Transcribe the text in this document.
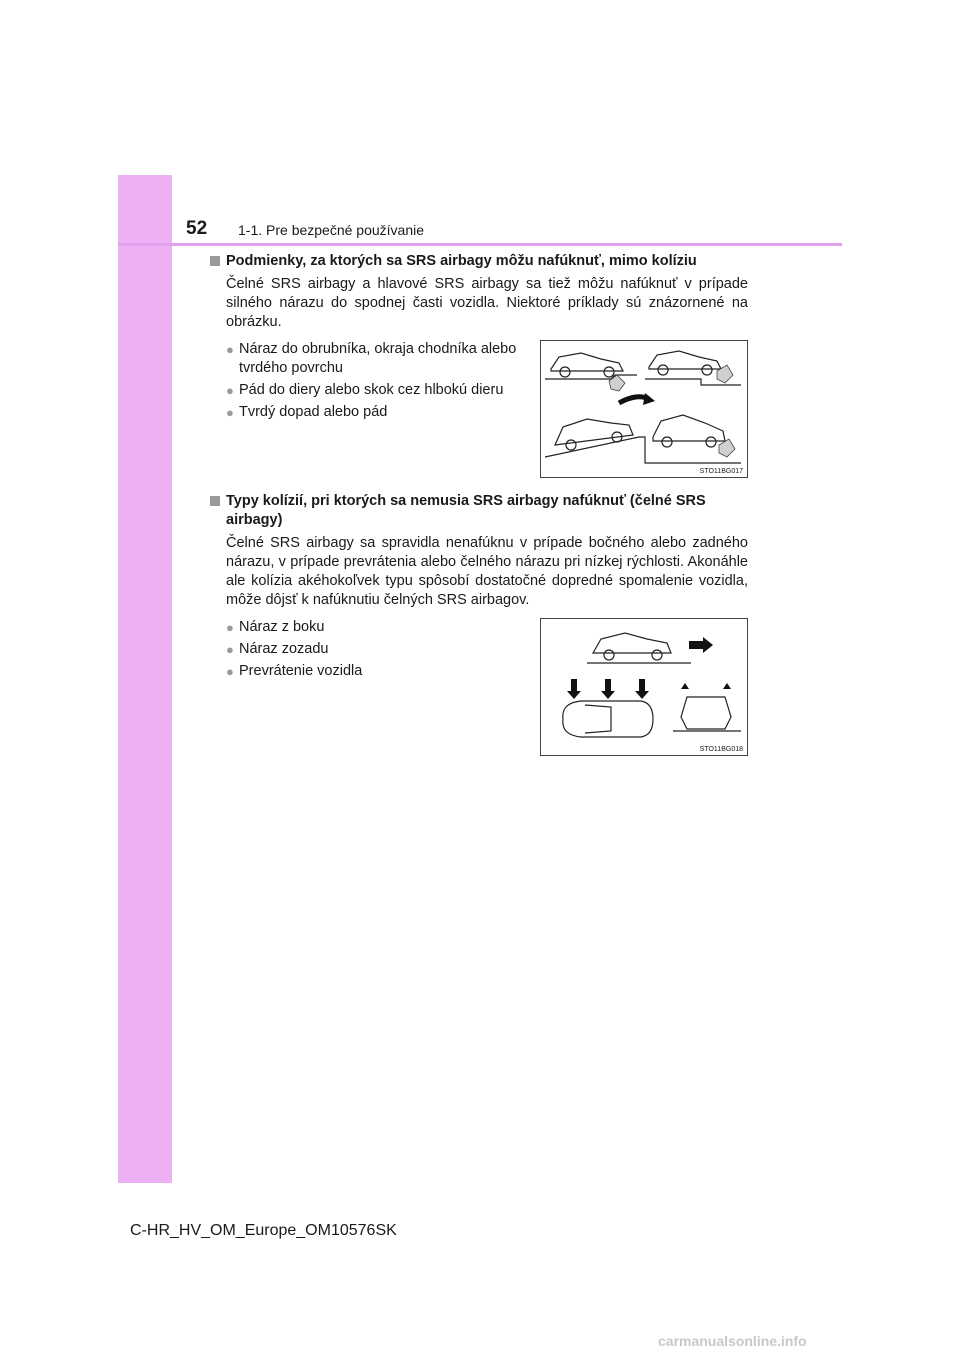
52 1-1. Pre bezpečné používanie
Podmienky, za ktorých sa SRS airbagy môžu nafúknuť, mimo kolíziu

Čelné SRS airbagy a hlavové SRS airbagy sa tiež môžu nafúknuť v prípade silného nárazu do spodnej časti vozidla. Niektoré príklady sú znázornené na obrázku.

● Náraz do obrubníka, okraja chodníka alebo tvrdého povrchu
● Pád do diery alebo skok cez hlbokú dieru
● Tvrdý dopad alebo pád
STO11BG017
Typy kolízií, pri ktorých sa nemusia SRS airbagy nafúknuť (čelné SRS airbagy)

Čelné SRS airbagy sa spravidla nenafúknu v prípade bočného alebo zadného nárazu, v prípade prevrátenia alebo čelného nárazu pri nízkej rýchlosti. Akonáhle ale kolízia akéhokoľvek typu spôsobí dostatočné dopredné spomalenie vozidla, môže dôjsť k nafúknutiu čelných SRS airbagov.

● Náraz z boku
● Náraz zozadu
● Prevrátenie vozidla
STO11BG018
C-HR_HV_OM_Europe_OM10576SK
carmanualsonline.info
